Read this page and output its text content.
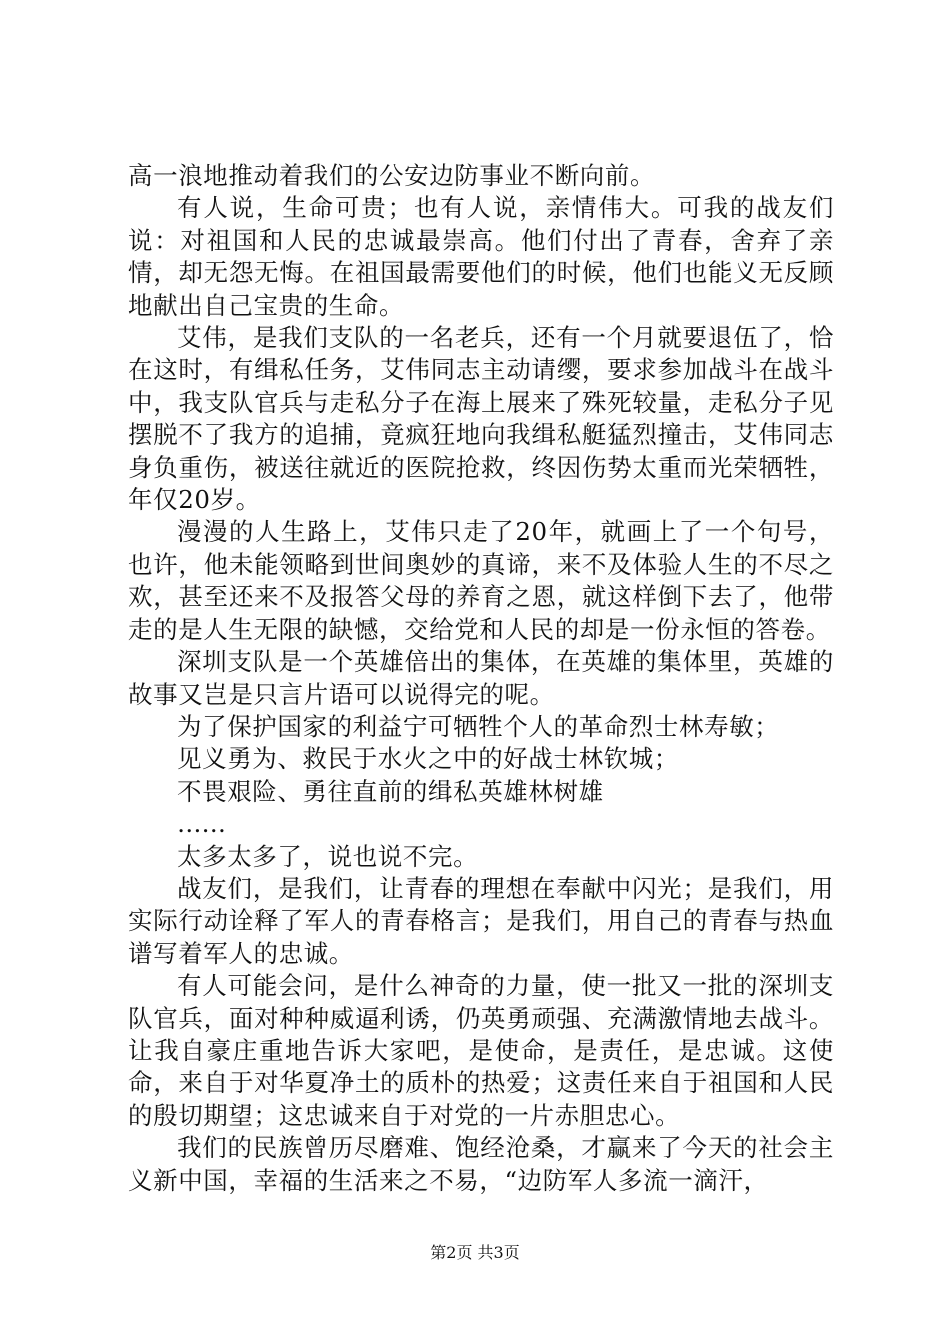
高一浪地推动着我们的公安边防事业不断向前。

有人说，生命可贵；也有人说，亲情伟大。可我的战友们说：对祖国和人民的忠诚最崇高。他们付出了青春，舍弃了亲情，却无怨无悔。在祖国最需要他们的时候，他们也能义无反顾地献出自己宝贵的生命。

艾伟，是我们支队的一名老兵，还有一个月就要退伍了，恰在这时，有缉私任务，艾伟同志主动请缨，要求参加战斗在战斗中，我支队官兵与走私分子在海上展来了殊死较量，走私分子见摆脱不了我方的追捕，竟疯狂地向我缉私艇猛烈撞击，艾伟同志身负重伤，被送往就近的医院抢救，终因伤势太重而光荣牺牲，年仅20岁。

漫漫的人生路上，艾伟只走了20年，就画上了一个句号，也许，他未能领略到世间奥妙的真谛，来不及体验人生的不尽之欢，甚至还来不及报答父母的养育之恩，就这样倒下去了，他带走的是人生无限的缺憾，交给党和人民的却是一份永恒的答卷。

深圳支队是一个英雄倍出的集体，在英雄的集体里，英雄的故事又岂是只言片语可以说得完的呢。

为了保护国家的利益宁可牺牲个人的革命烈士林寿敏；

见义勇为、救民于水火之中的好战士林钦城；

不畏艰险、勇往直前的缉私英雄林树雄

……

太多太多了，说也说不完。

战友们，是我们，让青春的理想在奉献中闪光；是我们，用实际行动诠释了军人的青春格言；是我们，用自己的青春与热血谱写着军人的忠诚。

有人可能会问，是什么神奇的力量，使一批又一批的深圳支队官兵，面对种种威逼利诱，仍英勇顽强、充满激情地去战斗。让我自豪庄重地告诉大家吧，是使命，是责任，是忠诚。这使命，来自于对华夏净土的质朴的热爱；这责任来自于祖国和人民的殷切期望；这忠诚来自于对党的一片赤胆忠心。

我们的民族曾历尽磨难、饱经沧桑，才赢来了今天的社会主义新中国，幸福的生活来之不易，“边防军人多流一滴汗，

第2页 共3页
